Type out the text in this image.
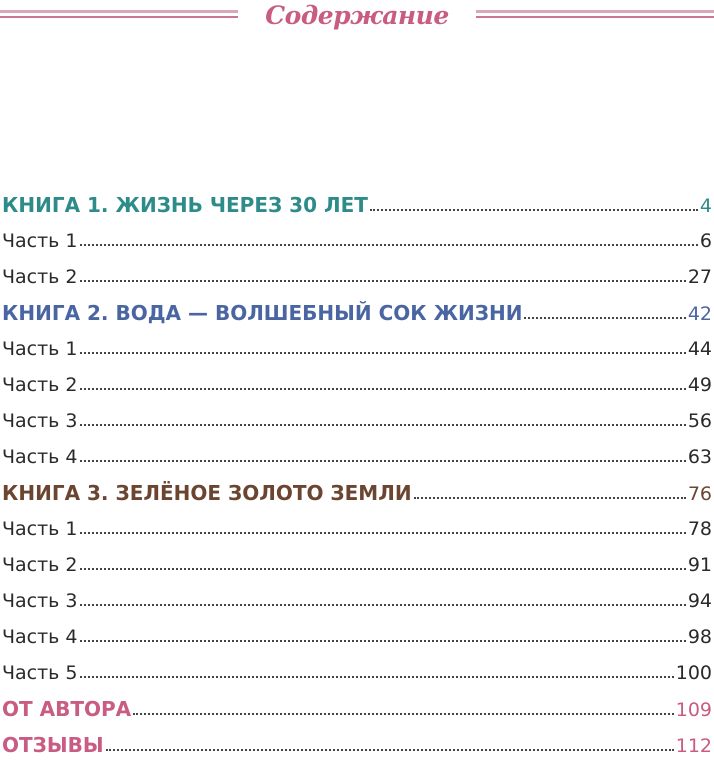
Содержание
КНИГА 1. ЖИЗНЬ ЧЕРЕЗ 30 ЛЕТ	4
Часть 1	6
Часть 2	27
КНИГА 2. ВОДА — ВОЛШЕБНЫЙ СОК ЖИЗНИ	42
Часть 1	44
Часть 2	49
Часть 3	56
Часть 4	63
КНИГА 3. ЗЕЛЁНОЕ ЗОЛОТО ЗЕМЛИ	76
Часть 1	78
Часть 2	91
Часть 3	94
Часть 4	98
Часть 5	100
ОТ АВТОРА	109
ОТЗЫВЫ	112
